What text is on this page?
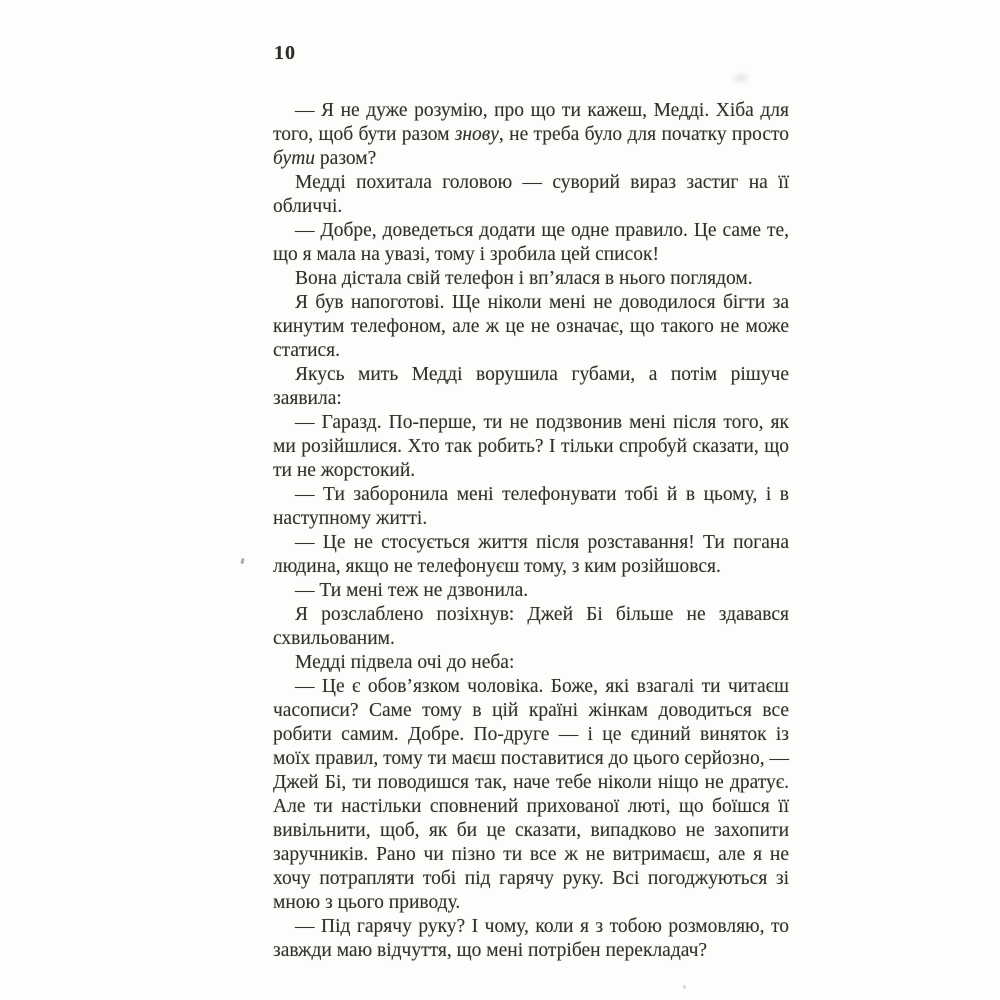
10

— Я не дуже розумію, про що ти кажеш, Медді. Хіба для того, щоб бути разом знову, не треба було для початку просто бути разом?

Медді похитала головою — суворий вираз застиг на її обличчі.

— Добре, доведеться додати ще одне правило. Це саме те, що я мала на увазі, тому і зробила цей список!

Вона дістала свій телефон і вп’ялася в нього поглядом.

Я був напоготові. Ще ніколи мені не доводилося бігти за кинутим телефоном, але ж це не означає, що такого не може статися.

Якусь мить Медді ворушила губами, а потім рішуче заявила:

— Гаразд. По-перше, ти не подзвонив мені після того, як ми розійшлися. Хто так робить? І тільки спробуй сказати, що ти не жорстокий.

— Ти заборонила мені телефонувати тобі й в цьому, і в наступному житті.

— Це не стосується життя після розставання! Ти погана людина, якщо не телефонуєш тому, з ким розійшовся.

— Ти мені теж не дзвонила.

Я розслаблено позіхнув: Джей Бі більше не здавався схвильованим.

Медді підвела очі до неба:

— Це є обов’язком чоловіка. Боже, які взагалі ти читаєш часописи? Саме тому в цій країні жінкам доводиться все робити самим. Добре. По-друге — і це єдиний виняток із моїх правил, тому ти маєш поставитися до цього серйозно, — Джей Бі, ти поводишся так, наче тебе ніколи ніщо не дратує. Але ти настільки сповнений прихованої люті, що боїшся її вивільнити, щоб, як би це сказати, випадково не захопити заручників. Рано чи пізно ти все ж не витримаєш, але я не хочу потрапляти тобі під гарячу руку. Всі погоджуються зі мною з цього приводу.

— Під гарячу руку? І чому, коли я з тобою розмовляю, то завжди маю відчуття, що мені потрібен перекладач?
